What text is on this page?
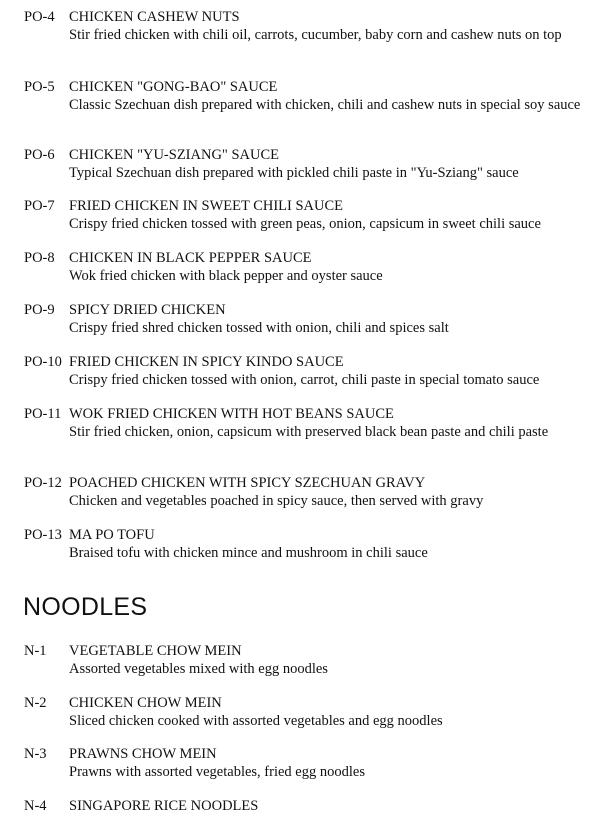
PO-4 CHICKEN CASHEW NUTS
Stir fried chicken with chili oil, carrots, cucumber, baby corn and cashew nuts on top
PO-5 CHICKEN "GONG-BAO" SAUCE
Classic Szechuan dish prepared with chicken, chili and cashew nuts in special soy sauce
PO-6 CHICKEN "YU-SZIANG" SAUCE
Typical Szechuan dish prepared with pickled chili paste in "Yu-Sziang" sauce
PO-7 FRIED CHICKEN IN SWEET CHILI SAUCE
Crispy fried chicken tossed with green peas, onion, capsicum in sweet chili sauce
PO-8 CHICKEN IN BLACK PEPPER SAUCE
Wok fried chicken with black pepper and oyster sauce
PO-9 SPICY DRIED CHICKEN
Crispy fried shred chicken tossed with onion, chili and spices salt
PO-10 FRIED CHICKEN IN SPICY KINDO SAUCE
Crispy fried chicken tossed with onion, carrot, chili paste in special tomato sauce
PO-11 WOK FRIED CHICKEN WITH HOT BEANS SAUCE
Stir fried chicken, onion, capsicum with preserved black bean paste and chili paste
PO-12 POACHED CHICKEN WITH SPICY SZECHUAN GRAVY
Chicken and vegetables poached in spicy sauce, then served with gravy
PO-13 MA PO TOFU
Braised tofu with chicken mince and mushroom in chili sauce
NOODLES
N-1	VEGETABLE CHOW MEIN
Assorted vegetables mixed with egg noodles
N-2	CHICKEN CHOW MEIN
Sliced chicken cooked with assorted vegetables and egg noodles
N-3	PRAWNS CHOW MEIN
Prawns with assorted vegetables, fried egg noodles
N-4	SINGAPORE RICE NOODLES
